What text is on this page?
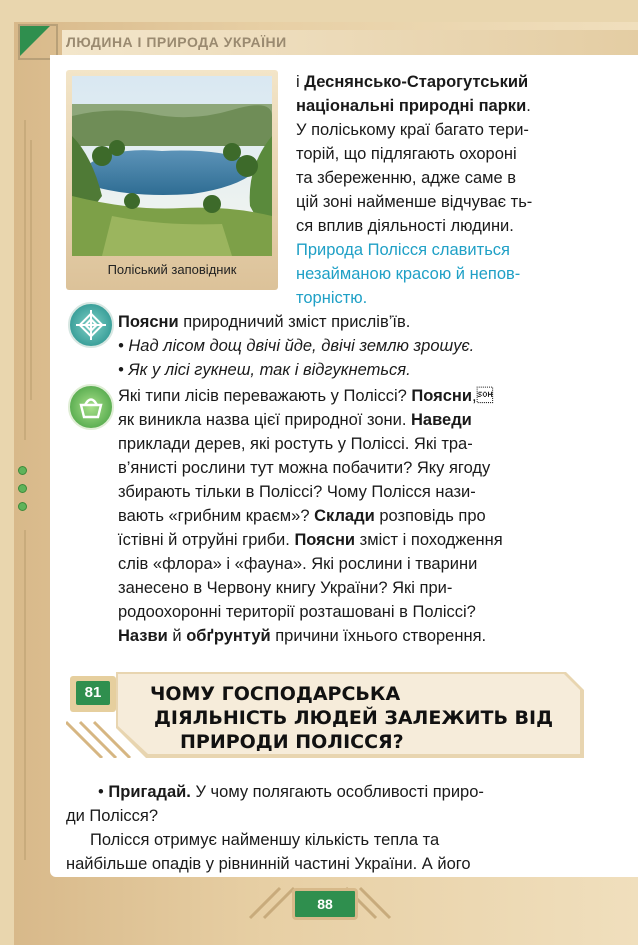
ЛЮДИНА І ПРИРОДА УКРАЇНИ
Поліський заповідник
і Деснянсько-Старогутський
національні природні парки.
У поліському краї багато тери-
торій, що підлягають охороні
та збереженню, адже саме в
цій зоні найменше відчуває ть-
ся вплив діяльності людини.
Природа Полісся славиться
незайманою красою й непов-
торністю.
Поясни природничий зміст прислів’їв.
• Над лісом дощ двічі йде, двічі землю зрошує.
• Як у лісі гукнеш, так і відгукнеться.
Які типи лісів переважають у Поліссі? Поясни,
як виникла назва цієї природної зони. Наведи
приклади дерев, які ростуть у Поліссі. Які тра-
в’янисті рослини тут можна побачити? Яку ягоду
збирають тільки в Поліссі? Чому Полісся нази-
вають «грибним краєм»? Склади розповідь про
їстівні й отруйні гриби. Поясни зміст і походження
слів «флора» і «фауна». Які рослини і тварини
занесено в Червону книгу України? Які при-
родоохоронні території розташовані в Поліссі?
Назви й обґрунтуй причини їхнього створення.
81	ЧОМУ ГОСПОДАРСЬКА
ДІЯЛЬНІСТЬ ЛЮДЕЙ ЗАЛЕЖИТЬ ВІД
ПРИРОДИ ПОЛІССЯ?
• Пригадай. У чому полягають особливості приро-
ди Полісся?
Полісся отримує найменшу кількість тепла та
найбільше опадів у рівнинній частині України. А його
88
